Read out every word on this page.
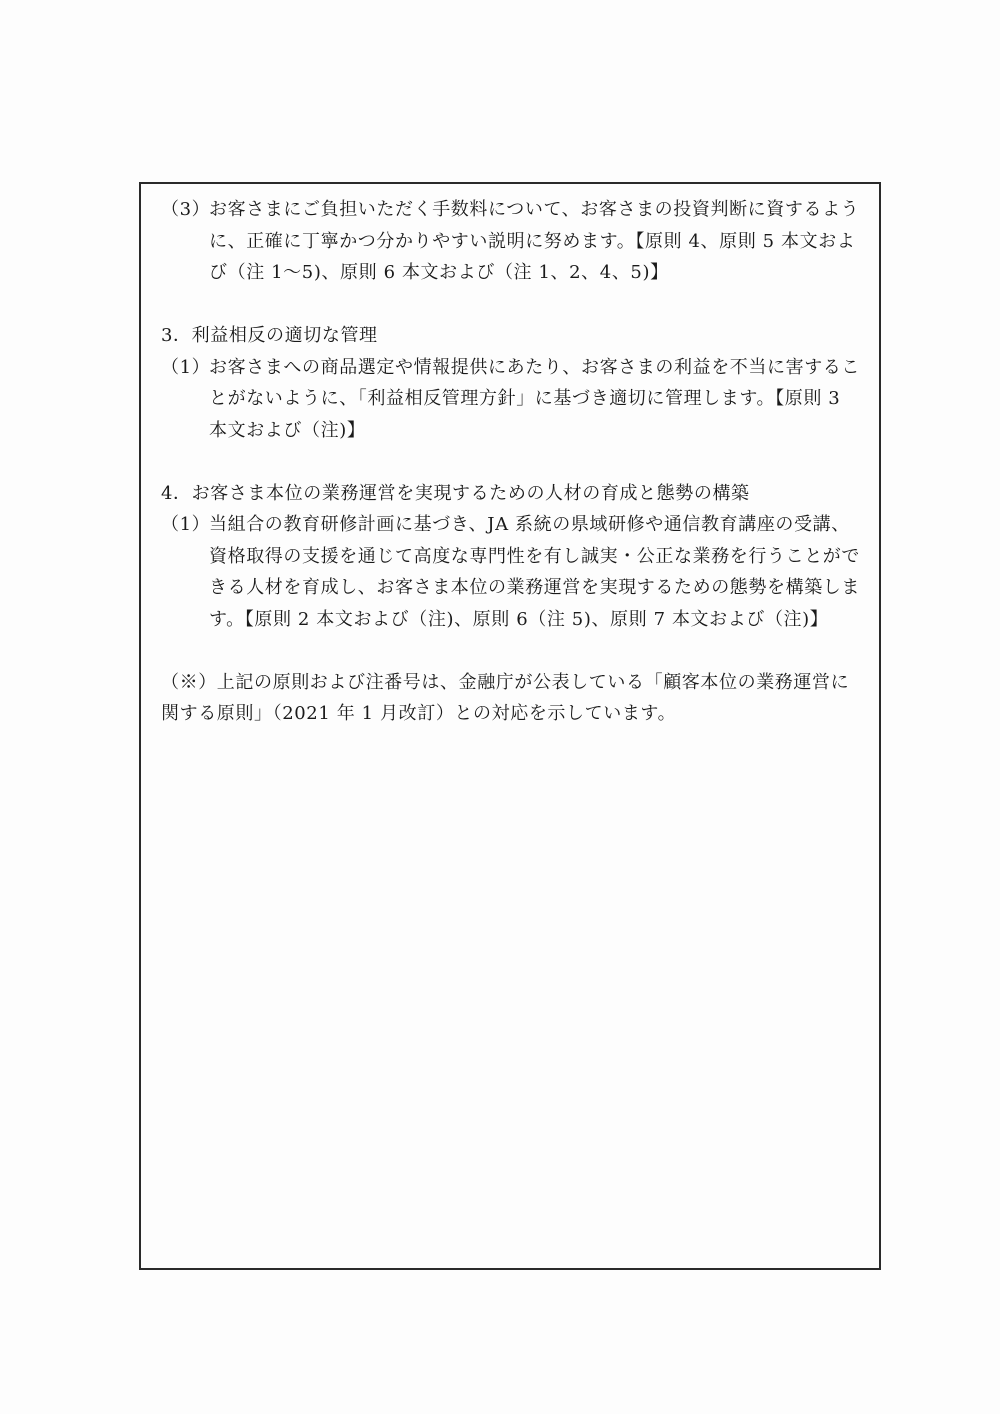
（3）
お客さまにご負担いただく手数料について、お客さまの投資判断に資するように、正確に丁寧かつ分かりやすい説明に努めます。【原則 4、原則 5 本文および（注 1〜5)、原則 6 本文および（注 1、2、4、5)】
3．利益相反の適切な管理
（1）
お客さまへの商品選定や情報提供にあたり、お客さまの利益を不当に害することがないように、「利益相反管理方針」に基づき適切に管理します。【原則 3 本文および（注)】
4．お客さま本位の業務運営を実現するための人材の育成と態勢の構築
（1）
当組合の教育研修計画に基づき、JA 系統の県域研修や通信教育講座の受講、資格取得の支援を通じて高度な専門性を有し誠実・公正な業務を行うことができる人材を育成し、お客さま本位の業務運営を実現するための態勢を構築します。【原則 2 本文および（注)、原則 6（注 5)、原則 7 本文および（注)】
（※）上記の原則および注番号は、金融庁が公表している「顧客本位の業務運営に関する原則」（2021 年 1 月改訂）との対応を示しています。
